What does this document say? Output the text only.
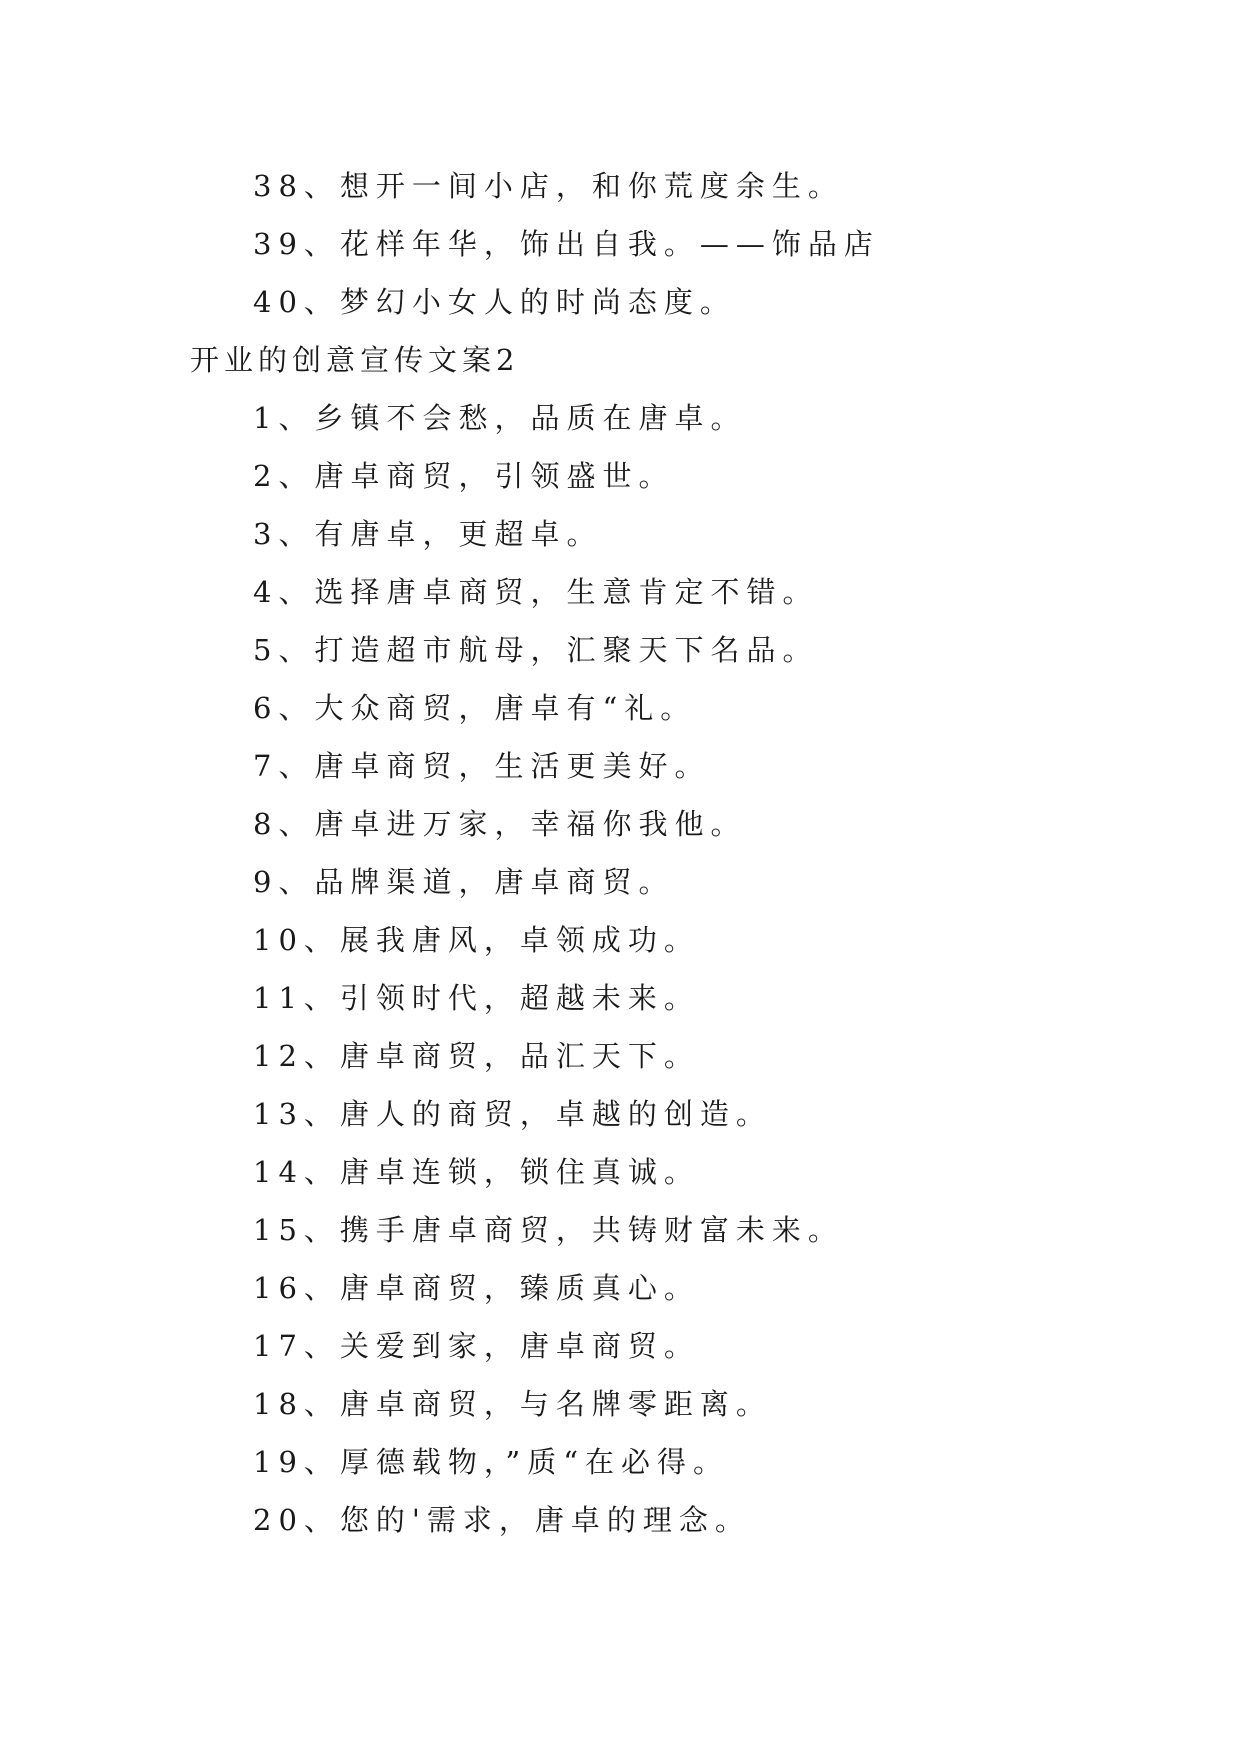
38、想开一间小店，和你荒度余生。
39、花样年华，饰出自我。——饰品店
40、梦幻小女人的时尚态度。
开业的创意宣传文案2
1、乡镇不会愁，品质在唐卓。
2、唐卓商贸，引领盛世。
3、有唐卓，更超卓。
4、选择唐卓商贸，生意肯定不错。
5、打造超市航母，汇聚天下名品。
6、大众商贸，唐卓有“礼。
7、唐卓商贸，生活更美好。
8、唐卓进万家，幸福你我他。
9、品牌渠道，唐卓商贸。
10、展我唐风，卓领成功。
11、引领时代，超越未来。
12、唐卓商贸，品汇天下。
13、唐人的商贸，卓越的创造。
14、唐卓连锁，锁住真诚。
15、携手唐卓商贸，共铸财富未来。
16、唐卓商贸，臻质真心。
17、关爱到家，唐卓商贸。
18、唐卓商贸，与名牌零距离。
19、厚德载物，”质“在必得。
20、您的'需求，唐卓的理念。
